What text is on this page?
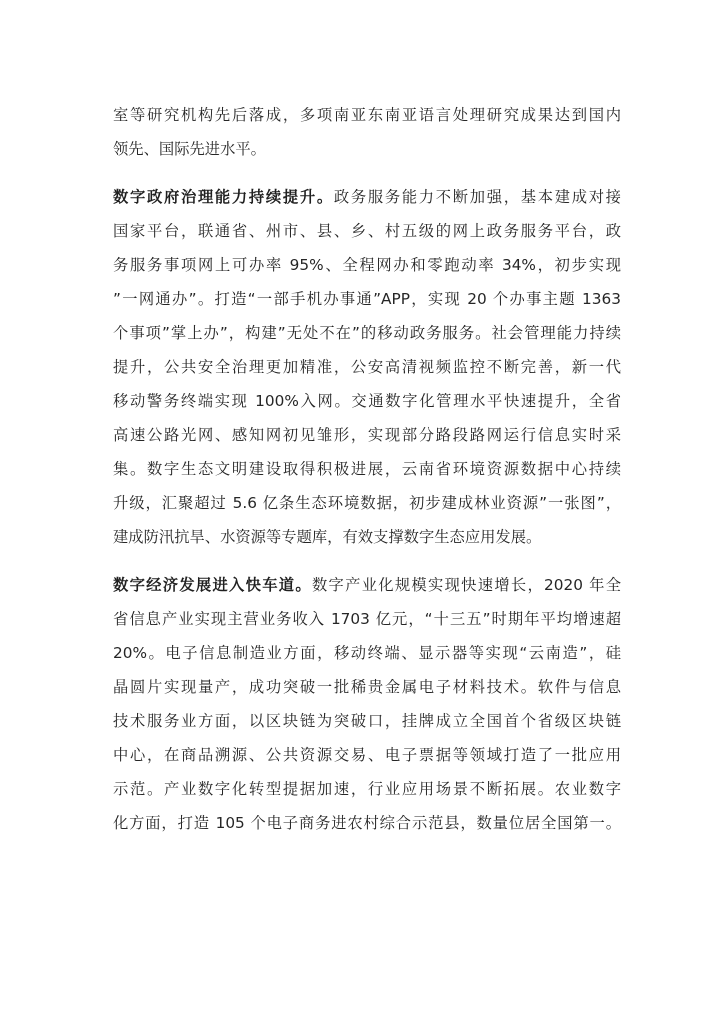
室等研究机构先后落成，多项南亚东南亚语言处理研究成果达到国内
领先、国际先进水平。
数字政府治理能力持续提升。政务服务能力不断加强，基本建成对接
国家平台，联通省、州市、县、乡、村五级的网上政务服务平台，政
务服务事项网上可办率 95%、全程网办和零跑动率 34%，初步实现
”一网通办”。打造“一部手机办事通”APP，实现 20 个办事主题 1363
个事项”掌上办”，构建”无处不在”的移动政务服务。社会管理能力持续
提升，公共安全治理更加精准，公安高清视频监控不断完善，新一代
移动警务终端实现 100%入网。交通数字化管理水平快速提升，全省
高速公路光网、感知网初见雏形，实现部分路段路网运行信息实时采
集。数字生态文明建设取得积极进展，云南省环境资源数据中心持续
升级，汇聚超过 5.6 亿条生态环境数据，初步建成林业资源”一张图”，
建成防汛抗旱、水资源等专题库，有效支撑数字生态应用发展。
数字经济发展进入快车道。数字产业化规模实现快速增长，2020 年全
省信息产业实现主营业务收入 1703 亿元，“十三五”时期年平均增速超
20%。电子信息制造业方面，移动终端、显示器等实现“云南造”，硅
晶圆片实现量产，成功突破一批稀贵金属电子材料技术。软件与信息
技术服务业方面，以区块链为突破口，挂牌成立全国首个省级区块链
中心，在商品溯源、公共资源交易、电子票据等领域打造了一批应用
示范。产业数字化转型提据加速，行业应用场景不断拓展。农业数字
化方面，打造 105 个电子商务进农村综合示范县，数量位居全国第一。
